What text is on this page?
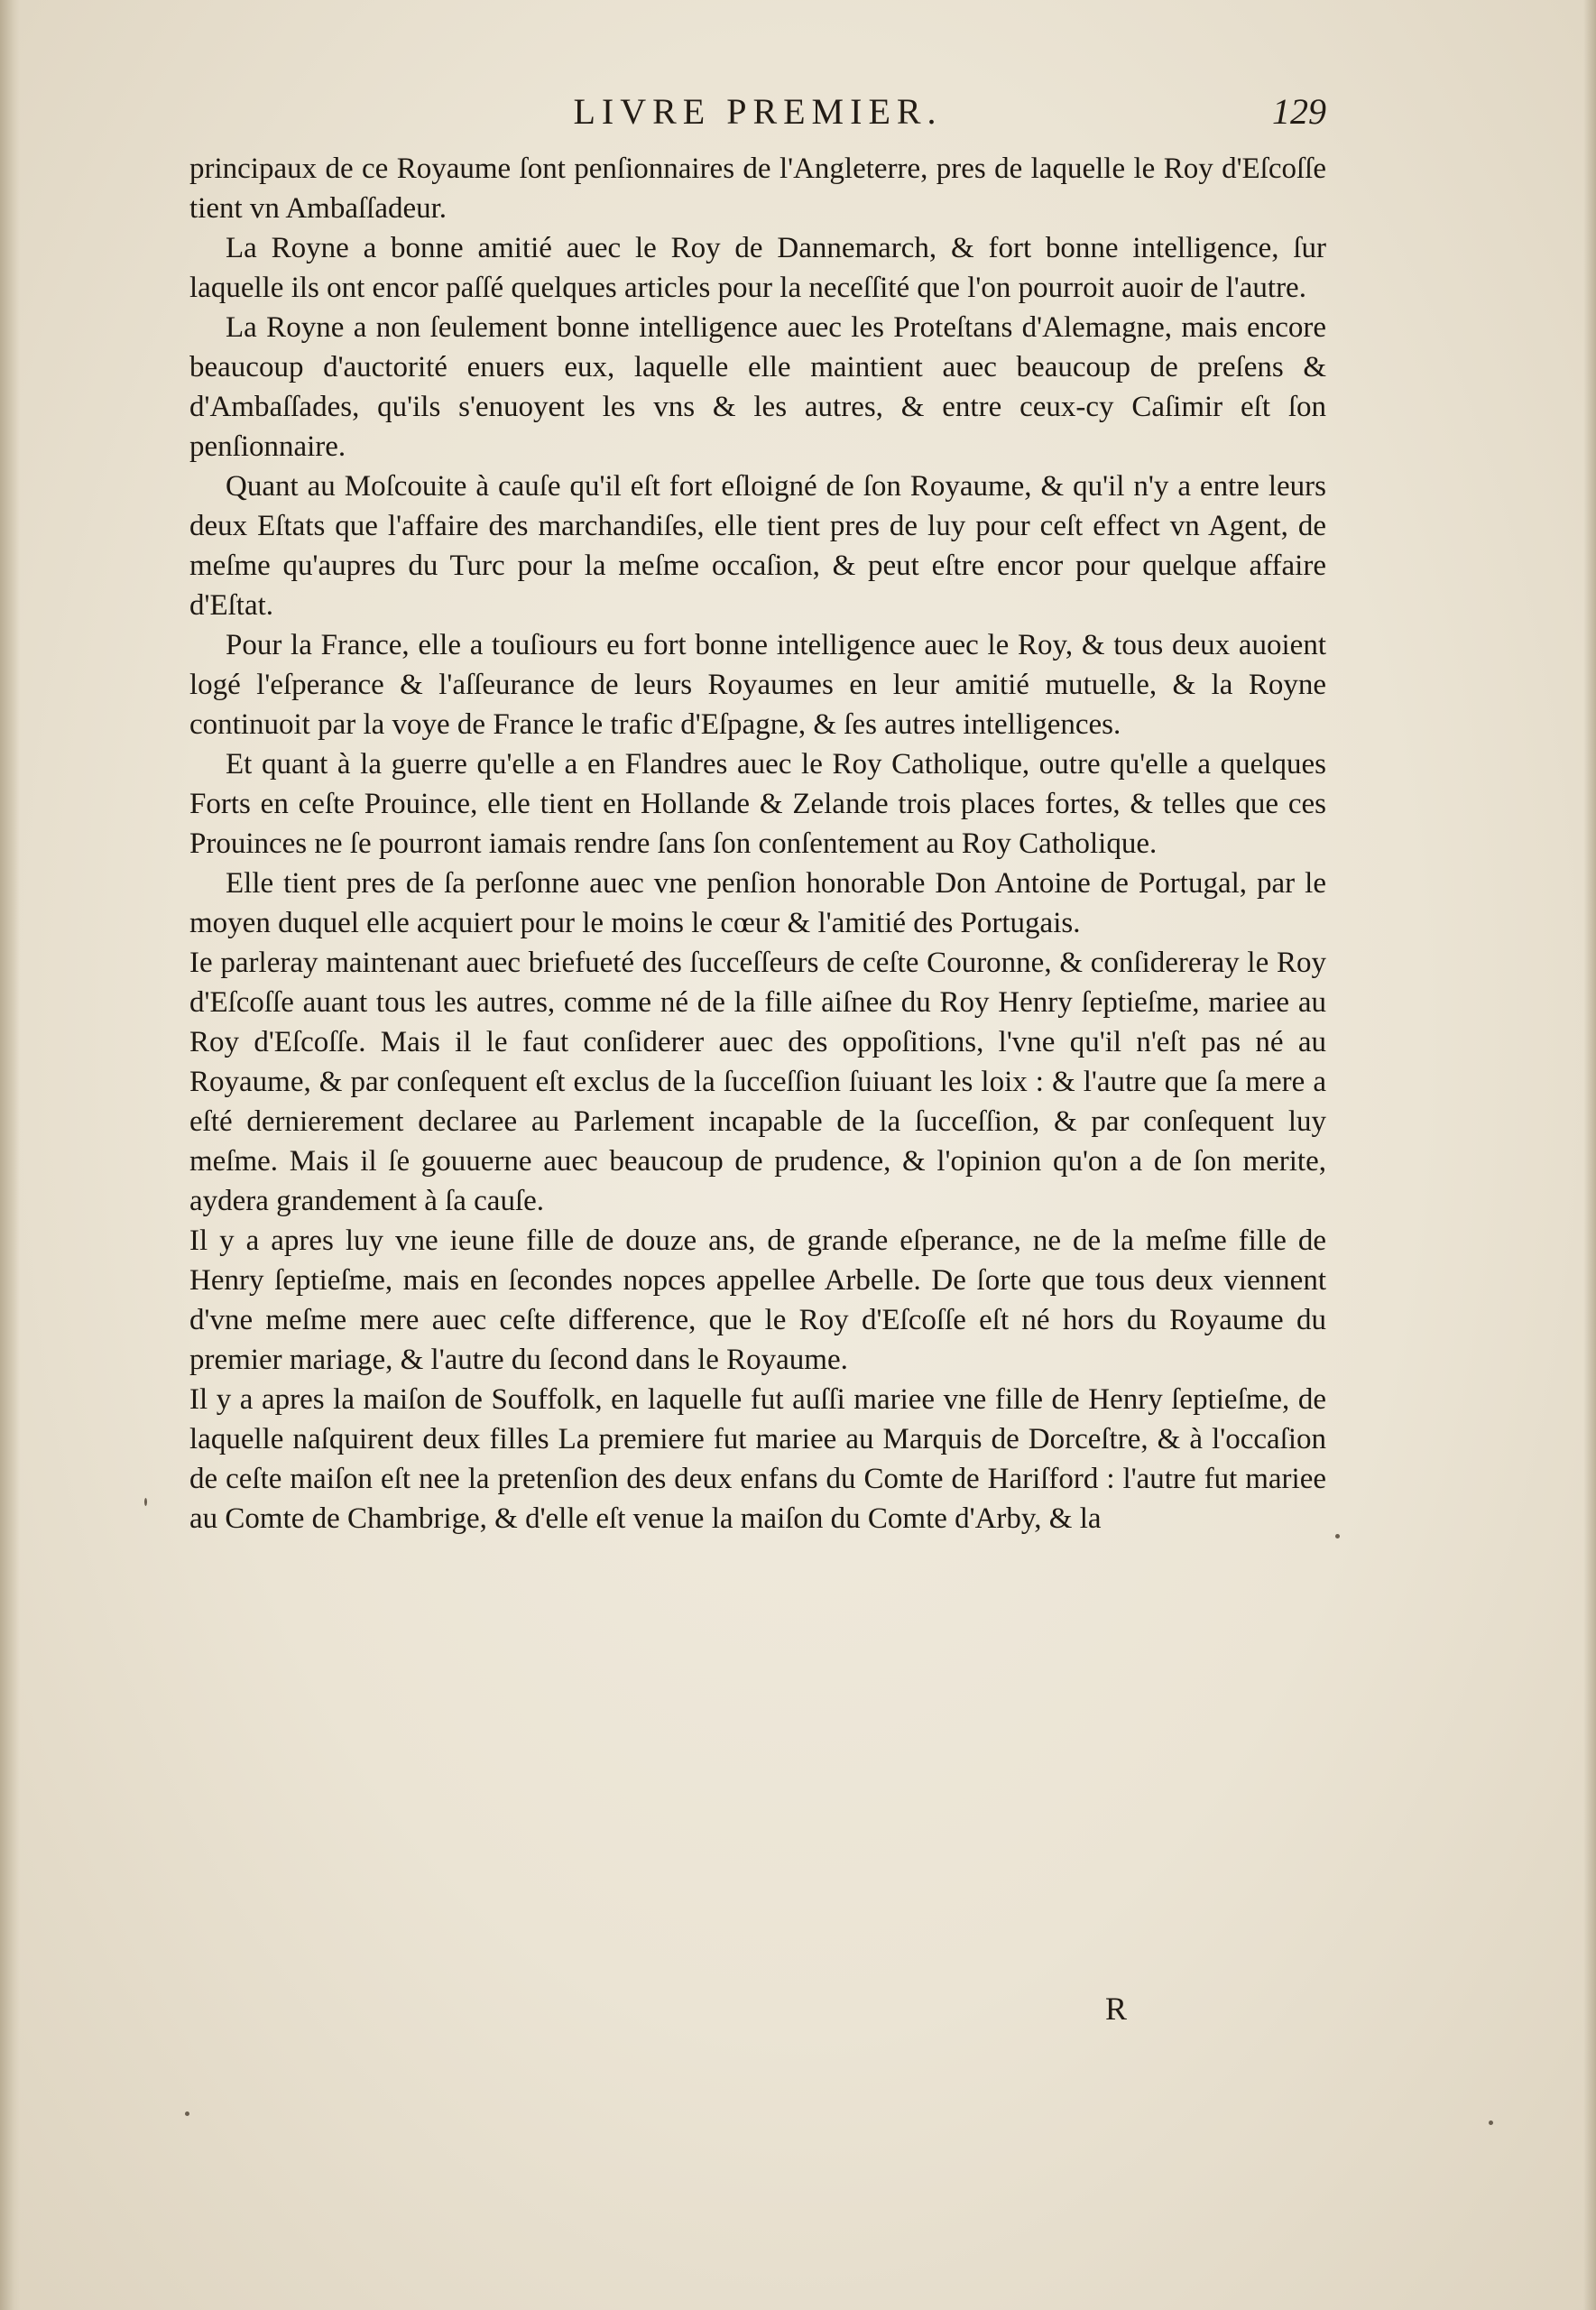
LIVRE PREMIER.	129

principaux de ce Royaume ſont penſionnaires de l'Angleterre, pres de laquelle le Roy d'Eſcoſſe tient vn Ambaſſadeur.

La Royne a bonne amitié auec le Roy de Dannemarch, & fort bonne intelligence, ſur laquelle ils ont encor paſſé quelques articles pour la neceſſité que l'on pourroit auoir de l'autre.

La Royne a non ſeulement bonne intelligence auec les Proteſtans d'Alemagne, mais encore beaucoup d'auctorité enuers eux, laquelle elle maintient auec beaucoup de preſens & d'Ambaſſades, qu'ils s'enuoyent les vns & les autres, & entre ceux-cy Caſimir eſt ſon penſionnaire.

Quant au Moſcouite à cauſe qu'il eſt fort eſloigné de ſon Royaume, & qu'il n'y a entre leurs deux Eſtats que l'affaire des marchandiſes, elle tient pres de luy pour ceſt effect vn Agent, de meſme qu'aupres du Turc pour la meſme occaſion, & peut eſtre encor pour quelque affaire d'Eſtat.

Pour la France, elle a touſiours eu fort bonne intelligence auec le Roy, & tous deux auoient logé l'eſperance & l'aſſeurance de leurs Royaumes en leur amitié mutuelle, & la Royne continuoit par la voye de France le trafic d'Eſpagne, & ſes autres intelligences.

Et quant à la guerre qu'elle a en Flandres auec le Roy Catholique, outre qu'elle a quelques Forts en ceſte Prouince, elle tient en Hollande & Zelande trois places fortes, & telles que ces Prouinces ne ſe pourront iamais rendre ſans ſon conſentement au Roy Catholique.

Elle tient pres de ſa perſonne auec vne penſion honorable Don Antoine de Portugal, par le moyen duquel elle acquiert pour le moins le cœur & l'amitié des Portugais.

Ie parleray maintenant auec briefueté des ſucceſſeurs de ceſte Couronne, & conſidereray le Roy d'Eſcoſſe auant tous les autres, comme né de la fille aiſnee du Roy Henry ſeptieſme, mariee au Roy d'Eſcoſſe. Mais il le faut conſiderer auec des oppoſitions, l'vne qu'il n'eſt pas né au Royaume, & par conſequent eſt exclus de la ſucceſſion ſuiuant les loix : & l'autre que ſa mere a eſté dernierement declaree au Parlement incapable de la ſucceſſion, & par conſequent luy meſme. Mais il ſe gouuerne auec beaucoup de prudence, & l'opinion qu'on a de ſon merite, aydera grandement à ſa cauſe.

Il y a apres luy vne ieune fille de douze ans, de grande eſperance, ne de la meſme fille de Henry ſeptieſme, mais en ſecondes nopces appellee Arbelle. De ſorte que tous deux viennent d'vne meſme mere auec ceſte difference, que le Roy d'Eſcoſſe eſt né hors du Royaume du premier mariage, & l'autre du ſecond dans le Royaume.

Il y a apres la maiſon de Souffolk, en laquelle fut auſſi mariee vne fille de Henry ſeptieſme, de laquelle naſquirent deux filles La premiere fut mariee au Marquis de Dorceſtre, & à l'occaſion de ceſte maiſon eſt nee la pretenſion des deux enfans du Comte de Hariſford : l'autre fut mariee au Comte de Chambrige, & d'elle eſt venue la maiſon du Comte d'Arby, & la

R
